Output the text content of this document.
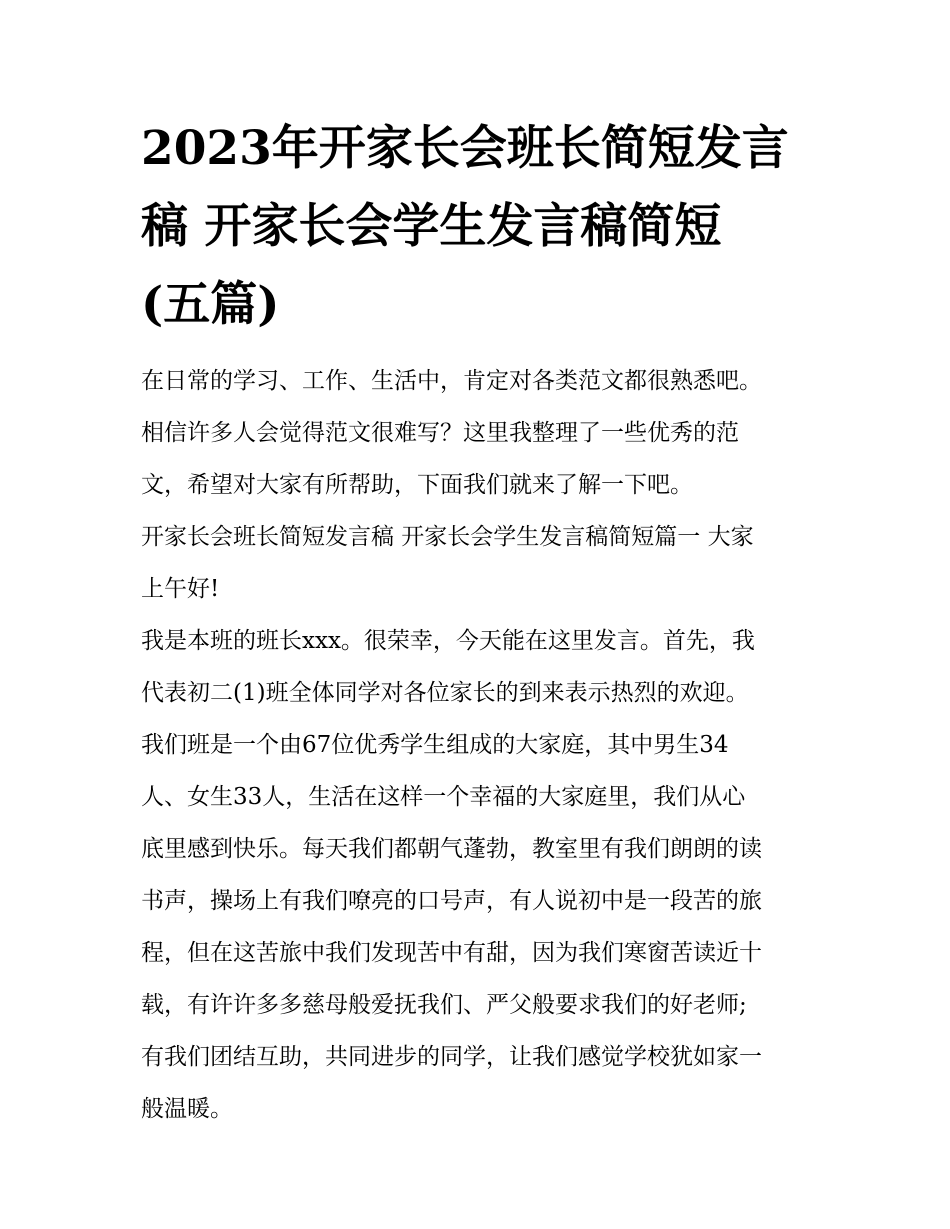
2023年开家长会班长简短发言
稿 开家长会学生发言稿简短
(五篇)
在日常的学习、工作、生活中，肯定对各类范文都很熟悉吧。
相信许多人会觉得范文很难写？这里我整理了一些优秀的范
文，希望对大家有所帮助，下面我们就来了解一下吧。
开家长会班长简短发言稿 开家长会学生发言稿简短篇一 大家
上午好!
我是本班的班长xxx。很荣幸，今天能在这里发言。首先，我
代表初二(1)班全体同学对各位家长的到来表示热烈的欢迎。
我们班是一个由67位优秀学生组成的大家庭，其中男生34
人、女生33人，生活在这样一个幸福的大家庭里，我们从心
底里感到快乐。每天我们都朝气蓬勃，教室里有我们朗朗的读
书声，操场上有我们嘹亮的口号声，有人说初中是一段苦的旅
程，但在这苦旅中我们发现苦中有甜，因为我们寒窗苦读近十
载，有许许多多慈母般爱抚我们、严父般要求我们的好老师;
有我们团结互助，共同进步的同学，让我们感觉学校犹如家一
般温暖。
